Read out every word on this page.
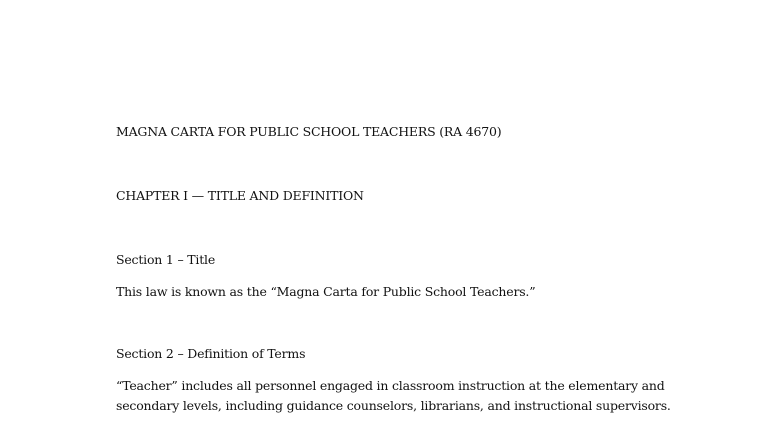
MAGNA CARTA FOR PUBLIC SCHOOL TEACHERS (RA 4670)
CHAPTER I — TITLE AND DEFINITION
Section 1 – Title
This law is known as the “Magna Carta for Public School Teachers.”
Section 2 – Definition of Terms
“Teacher” includes all personnel engaged in classroom instruction at the elementary and
secondary levels, including guidance counselors, librarians, and instructional supervisors.
